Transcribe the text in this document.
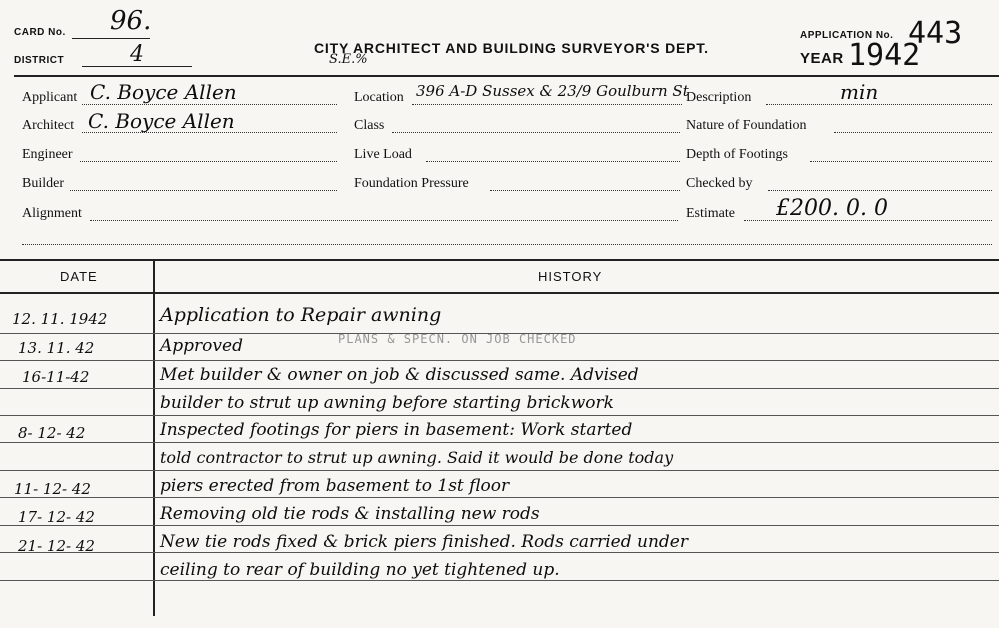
CARD No. 96.
DISTRICT	4	CITY ARCHITECT AND BUILDING SURVEYOR'S DEPT.
S.E.%
APPLICATION No. 443
YEAR 1942
Applicant C. Boyce Allen
Architect C. Boyce Allen
Engineer
Builder
Alignment
Location 396 A-D Sussex & 23/9 Goulburn St
Class
Live Load
Foundation Pressure
Description	min
Nature of Foundation
Depth of Footings
Checked by
Estimate £200. 0. 0
DATE	HISTORY
PLANS & SPECN. ON JOB CHECKED
12. 11. 1942	Application to Repair awning
13. 11. 42	Approved
16-11-42	Met builder & owner on job & discussed same. Advised
builder to strut up awning before starting brickwork
8- 12- 42	Inspected footings for piers in basement: Work started
told contractor to strut up awning. Said it would be done today
11- 12- 42	piers erected from basement to 1st floor
17- 12- 42	Removing old tie rods & installing new rods
21- 12- 42	New tie rods fixed & brick piers finished. Rods carried under
ceiling to rear of building no yet tightened up.
